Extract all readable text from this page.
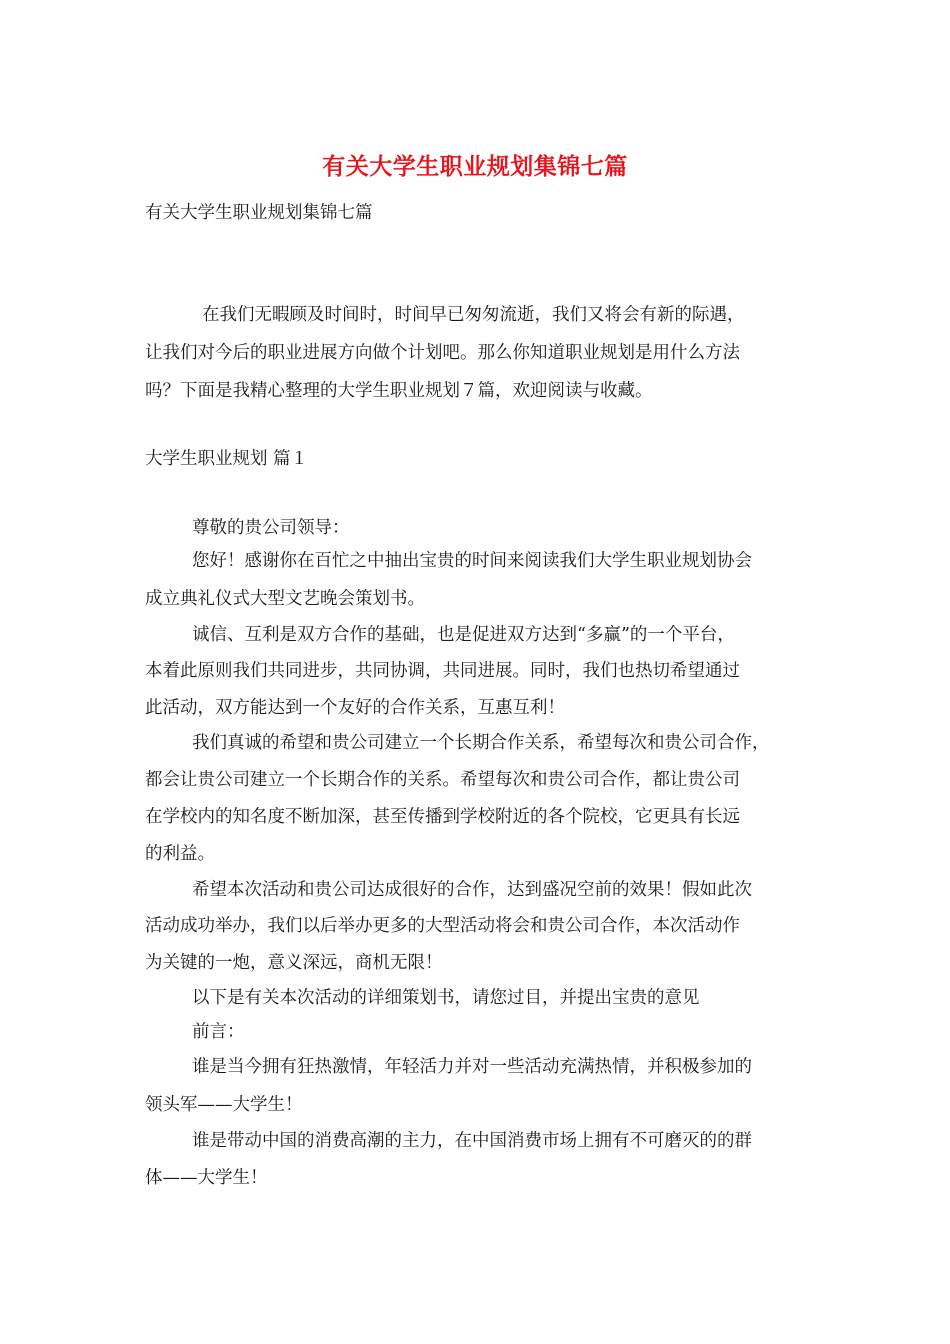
有关大学生职业规划集锦七篇
有关大学生职业规划集锦七篇
在我们无暇顾及时间时，时间早已匆匆流逝，我们又将会有新的际遇，
让我们对今后的职业进展方向做个计划吧。那么你知道职业规划是用什么方法
吗？下面是我精心整理的大学生职业规划７篇，欢迎阅读与收藏。
大学生职业规划 篇１
尊敬的贵公司领导：
您好！感谢你在百忙之中抽出宝贵的时间来阅读我们大学生职业规划协会
成立典礼仪式大型文艺晚会策划书。
诚信、互利是双方合作的基础，也是促进双方达到“多赢”的一个平台，
本着此原则我们共同进步，共同协调，共同进展。同时，我们也热切希望通过
此活动，双方能达到一个友好的合作关系，互惠互利！
我们真诚的希望和贵公司建立一个长期合作关系，希望每次和贵公司合作，
都会让贵公司建立一个长期合作的关系。希望每次和贵公司合作，都让贵公司
在学校内的知名度不断加深，甚至传播到学校附近的各个院校，它更具有长远
的利益。
希望本次活动和贵公司达成很好的合作，达到盛况空前的效果！假如此次
活动成功举办，我们以后举办更多的大型活动将会和贵公司合作，本次活动作
为关键的一炮，意义深远，商机无限！
以下是有关本次活动的详细策划书，请您过目，并提出宝贵的意见
前言：
谁是当今拥有狂热激情，年轻活力并对一些活动充满热情，并积极参加的
领头军——大学生！
谁是带动中国的消费高潮的主力，在中国消费市场上拥有不可磨灭的的群
体——大学生！
